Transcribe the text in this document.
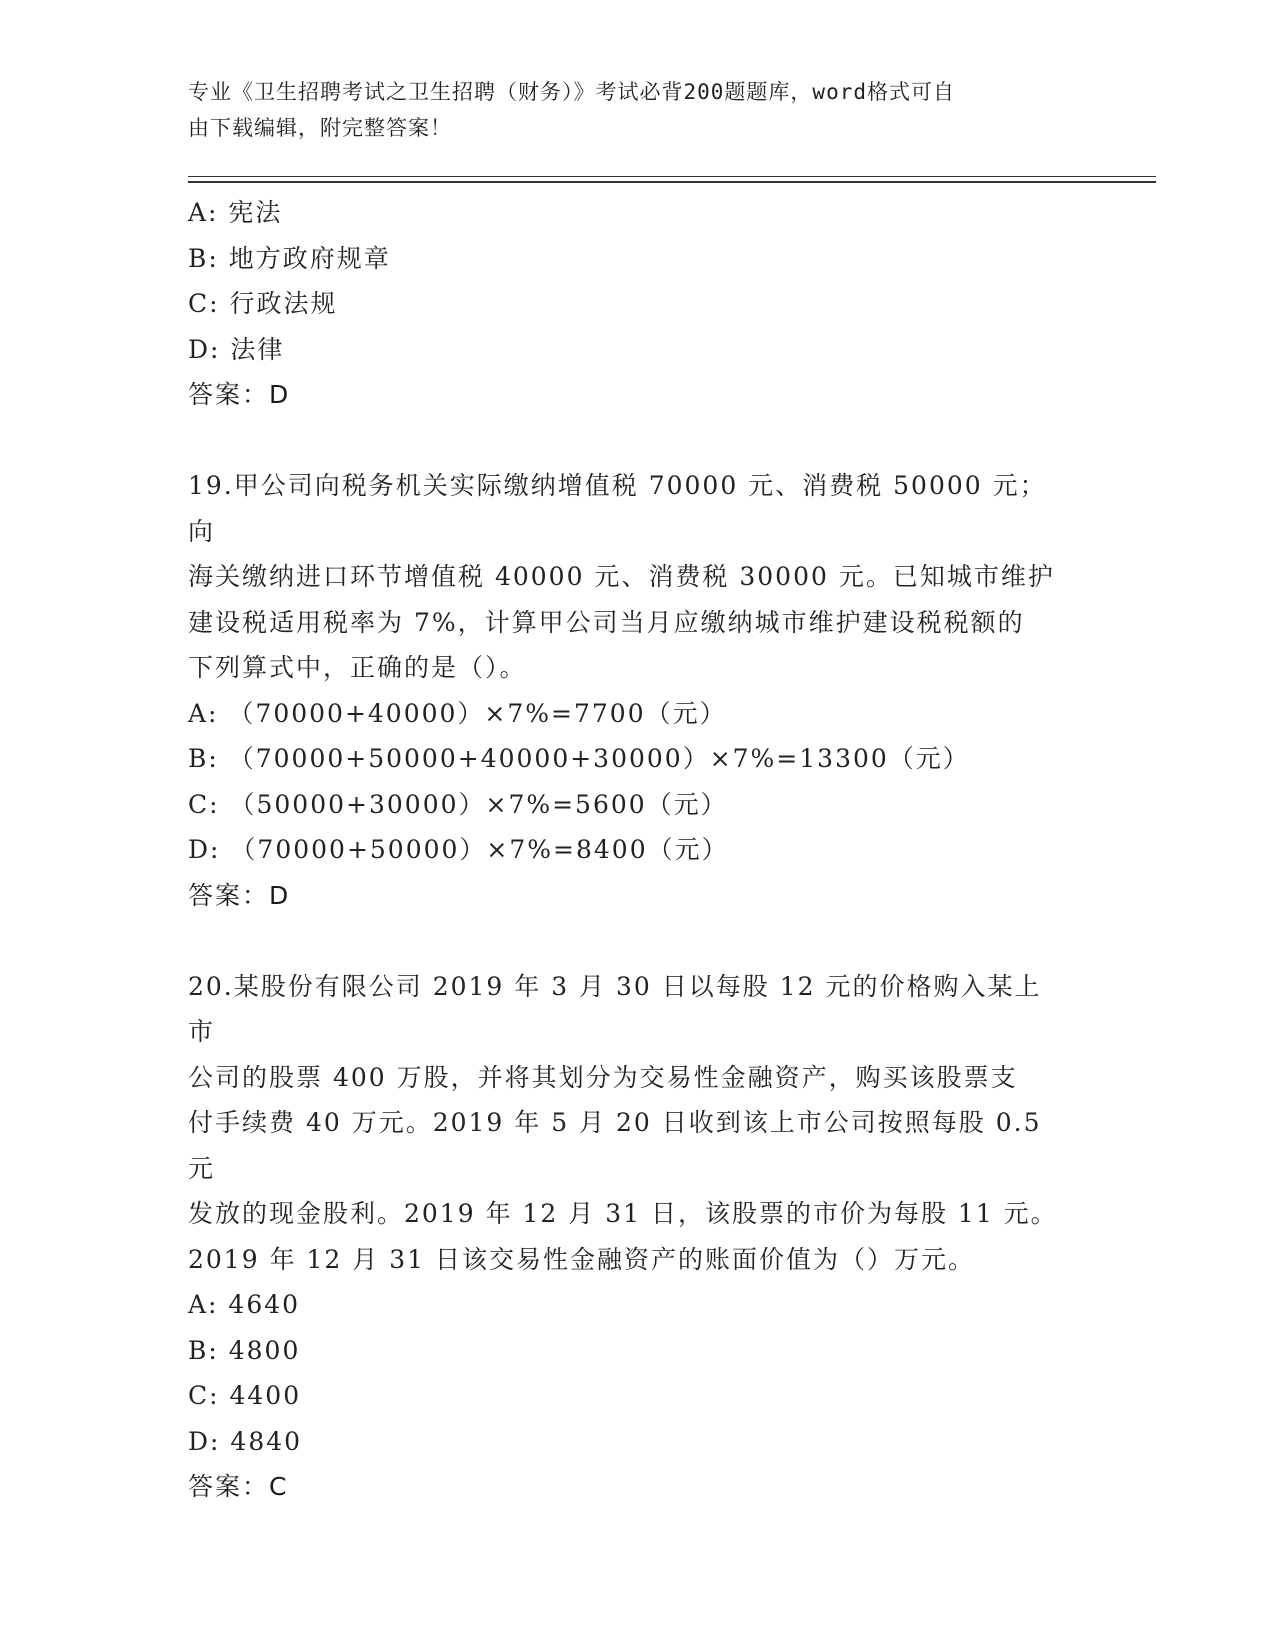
专业《卫生招聘考试之卫生招聘（财务）》考试必背200题题库，word格式可自
由下载编辑，附完整答案！
A: 宪法
B: 地方政府规章
C: 行政法规
D: 法律
答案：D
19.甲公司向税务机关实际缴纳增值税 70000 元、消费税 50000 元；向
海关缴纳进口环节增值税 40000 元、消费税 30000 元。已知城市维护
建设税适用税率为 7%，计算甲公司当月应缴纳城市维护建设税税额的
下列算式中，正确的是（）。
A: （70000+40000）×7%=7700（元）
B: （70000+50000+40000+30000）×7%=13300（元）
C: （50000+30000）×7%=5600（元）
D: （70000+50000）×7%=8400（元）
答案：D
20.某股份有限公司 2019 年 3 月 30 日以每股 12 元的价格购入某上市
公司的股票 400 万股，并将其划分为交易性金融资产，购买该股票支
付手续费 40 万元。2019 年 5 月 20 日收到该上市公司按照每股 0.5 元
发放的现金股利。2019 年 12 月 31 日，该股票的市价为每股 11 元。
2019 年 12 月 31 日该交易性金融资产的账面价值为（）万元。
A: 4640
B: 4800
C: 4400
D: 4840
答案：C
